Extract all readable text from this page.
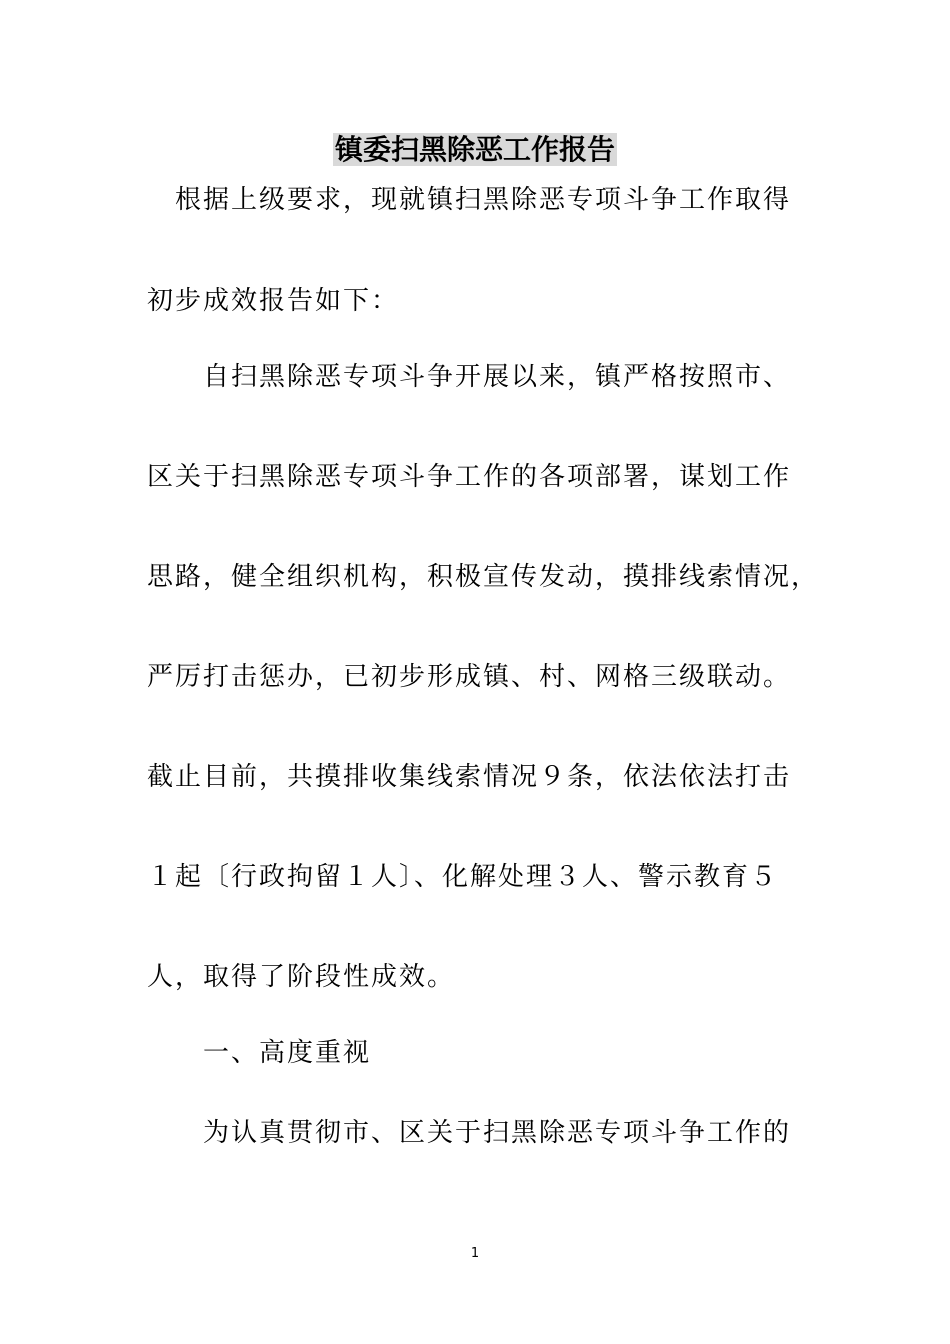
镇委扫黑除恶工作报告
　根据上级要求，现就镇扫黑除恶专项斗争工作取得
初步成效报告如下：
　　自扫黑除恶专项斗争开展以来，镇严格按照市、
区关于扫黑除恶专项斗争工作的各项部署，谋划工作
思路，健全组织机构，积极宣传发动，摸排线索情况，
严厉打击惩办，已初步形成镇、村、网格三级联动。
截止目前，共摸排收集线索情况９条，依法依法打击
１起〔行政拘留１人〕、化解处理３人、警示教育５
人，取得了阶段性成效。
　　一、高度重视
　　为认真贯彻市、区关于扫黑除恶专项斗争工作的
1
